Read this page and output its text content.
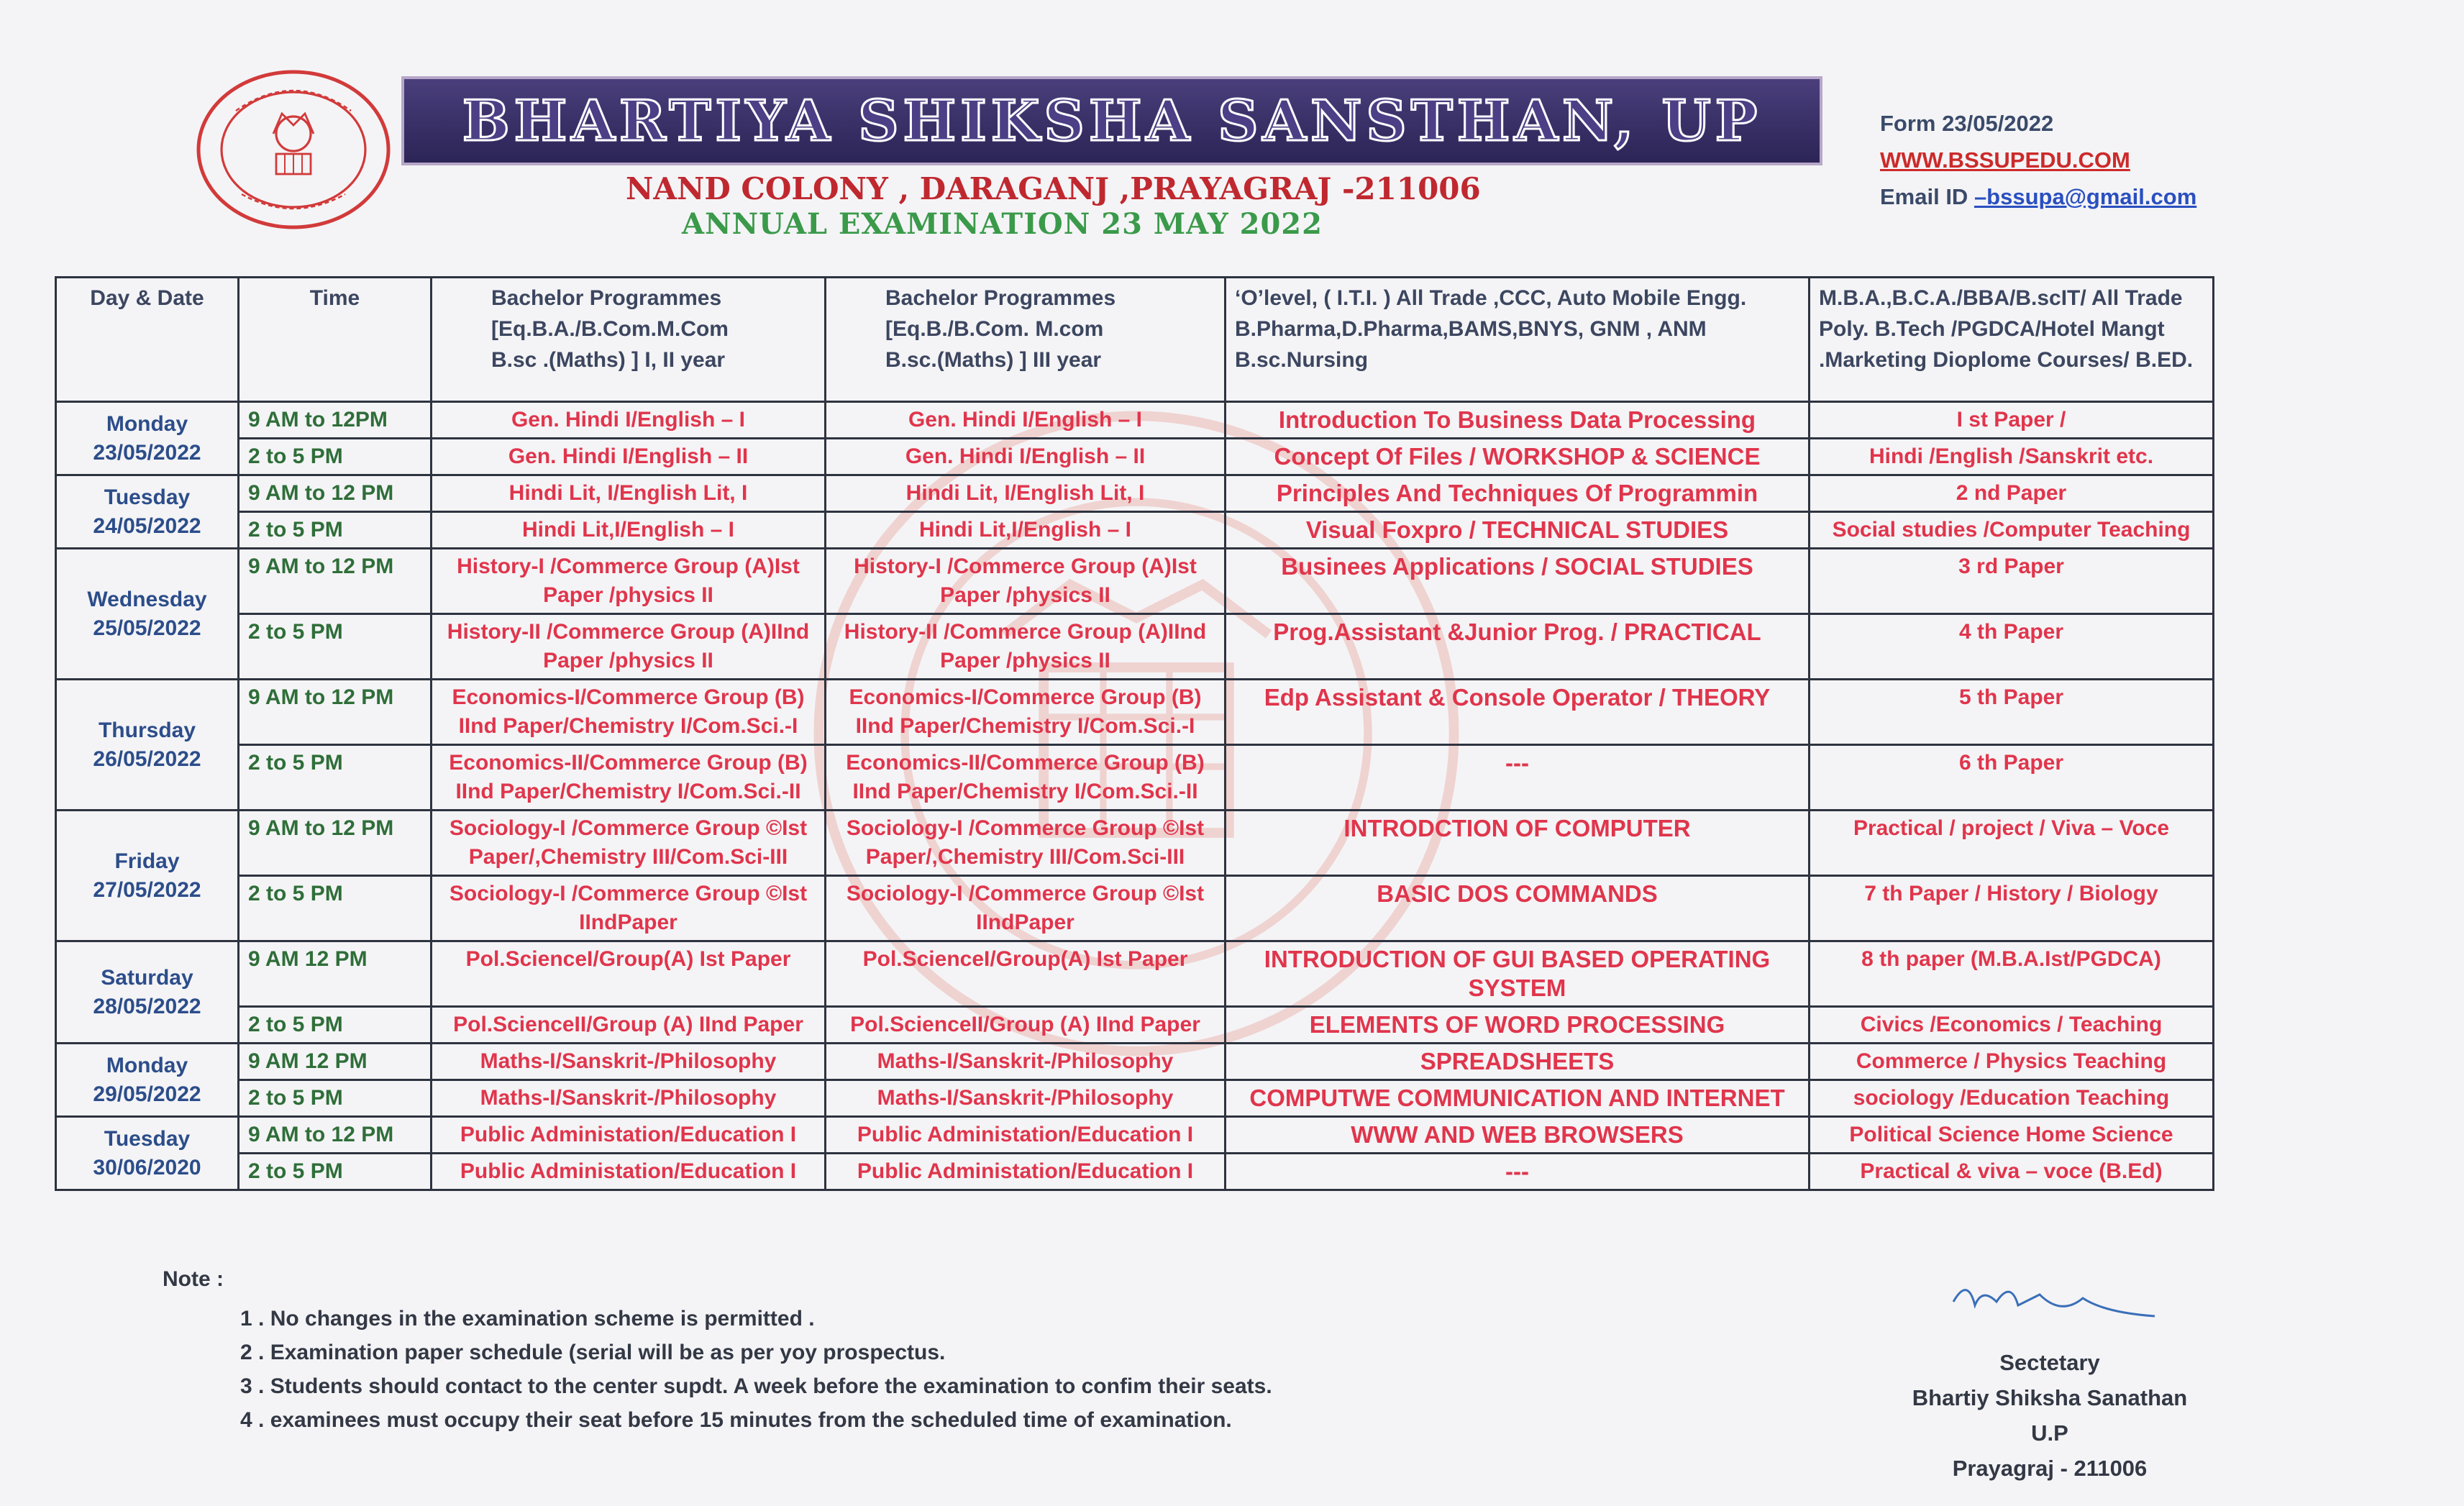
BHARTIYA SHIKSHA SANSTHAN, UP
NAND COLONY , DARAGANJ ,PRAYAGRAJ -211006
ANNUAL EXAMINATION 23 MAY 2022
Form 23/05/2022
WWW.BSSUPEDU.COM
Email ID –bssupa@gmail.com
Day & Date	Time	Bachelor Programmes
[Eq.B.A./B.Com.M.Com
B.sc .(Maths) ] I, II year	Bachelor Programmes
[Eq.B./B.Com. M.com
B.sc.(Maths) ] III year	‘O’level, ( I.T.I. ) All Trade ,CCC, Auto Mobile Engg.
B.Pharma,D.Pharma,BAMS,BNYS, GNM , ANM
B.sc.Nursing	M.B.A.,B.C.A./BBA/B.scIT/ All Trade
Poly. B.Tech /PGDCA/Hotel Mangt
.Marketing Dioplome Courses/ B.ED.

Monday
23/05/2022	9 AM to 12PM	Gen. Hindi I/English – I	Gen. Hindi I/English – I	Introduction To Business Data Processing	I st Paper /
	2 to 5 PM	Gen. Hindi I/English – II	Gen. Hindi I/English – II	Concept Of Files / WORKSHOP & SCIENCE	Hindi /English /Sanskrit etc.

Tuesday
24/05/2022	9 AM to 12 PM	Hindi Lit, I/English Lit, I	Hindi Lit, I/English Lit, I	Principles And Techniques Of Programmin	2 nd Paper
	2 to 5 PM	Hindi Lit,I/English – I	Hindi Lit,I/English – I	Visual Foxpro / TECHNICAL STUDIES	Social studies /Computer Teaching

Wednesday
25/05/2022	9 AM to 12 PM	History-I /Commerce Group (A)Ist Paper /physics II	History-I /Commerce Group (A)Ist Paper /physics II	Businees Applications / SOCIAL STUDIES	3 rd Paper
	2 to 5 PM	History-II /Commerce Group (A)IInd Paper /physics II	History-II /Commerce Group (A)IInd Paper /physics II	Prog.Assistant &Junior Prog. / PRACTICAL	4 th Paper

Thursday
26/05/2022	9 AM to 12 PM	Economics-I/Commerce Group (B) IInd Paper/Chemistry I/Com.Sci.-I	Economics-I/Commerce Group (B) IInd Paper/Chemistry I/Com.Sci.-I	Edp Assistant & Console Operator / THEORY	5 th Paper
	2 to 5 PM	Economics-II/Commerce Group (B) IInd Paper/Chemistry I/Com.Sci.-II	Economics-II/Commerce Group (B) IInd Paper/Chemistry I/Com.Sci.-II	---	6 th Paper

Friday
27/05/2022	9 AM to 12 PM	Sociology-I /Commerce Group ©Ist Paper/,Chemistry III/Com.Sci-III	Sociology-I /Commerce Group ©Ist Paper/,Chemistry III/Com.Sci-III	INTRODCTION OF COMPUTER	Practical / project / Viva – Voce
	2 to 5 PM	Sociology-I /Commerce Group ©Ist IIndPaper	Sociology-I /Commerce Group ©Ist IIndPaper	BASIC DOS COMMANDS	7 th Paper / History / Biology

Saturday
28/05/2022	9 AM 12 PM	Pol.ScienceI/Group(A) Ist Paper	Pol.ScienceI/Group(A) Ist Paper	INTRODUCTION OF GUI BASED OPERATING SYSTEM	8 th paper (M.B.A.Ist/PGDCA)
	2 to 5 PM	Pol.ScienceII/Group (A) IInd Paper	Pol.ScienceII/Group (A) IInd Paper	ELEMENTS OF WORD PROCESSING	Civics /Economics / Teaching

Monday
29/05/2022	9 AM 12 PM	Maths-I/Sanskrit-/Philosophy	Maths-I/Sanskrit-/Philosophy	SPREADSHEETS	Commerce / Physics Teaching
	2 to 5 PM	Maths-I/Sanskrit-/Philosophy	Maths-I/Sanskrit-/Philosophy	COMPUTWE COMMUNICATION AND INTERNET	sociology /Education Teaching

Tuesday
30/06/2020	9 AM to 12 PM	Public Administation/Education I	Public Administation/Education I	WWW AND WEB BROWSERS	Political Science Home Science
	2 to 5 PM	Public Administation/Education I	Public Administation/Education I	---	Practical & viva – voce (B.Ed)
Note :
1 . No changes in the examination scheme is permitted .
2 . Examination paper schedule (serial will be as per yoy prospectus.
3 . Students should contact to the center supdt. A week before the examination to confim their seats.
4 . examinees must occupy their seat before 15 minutes from the scheduled time of examination.
Sectetary
Bhartiy Shiksha Sanathan U.P
Prayagraj - 211006
